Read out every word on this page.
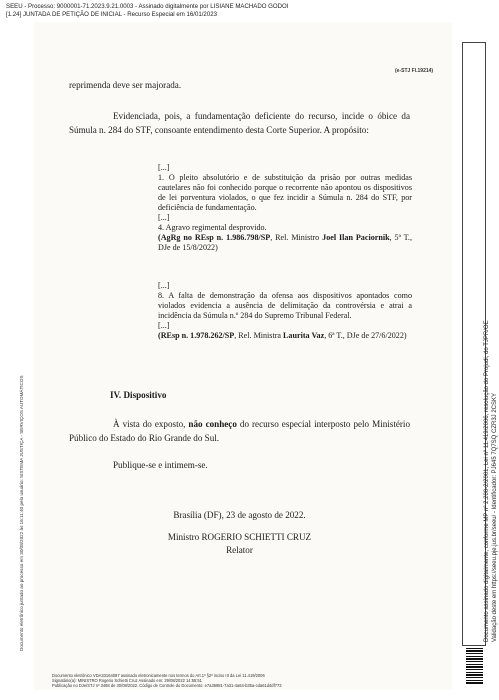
SEEU - Processo: 9000001-71.2023.9.21.0003 - Assinado digitalmente por LISIANE MACHADO GODOI
[1.24] JUNTADA DE PETIÇÃO DE INICIAL - Recurso Especial em 16/01/2023
(e-STJ Fl.19214)

reprimenda deve ser majorada.

Evidenciada, pois, a fundamentação deficiente do recurso, incide o óbice da Súmula n. 284 do STF, consoante entendimento desta Corte Superior. A propósito:

[...]
1. O pleito absolutório e de substituição da prisão por outras medidas cautelares não foi conhecido porque o recorrente não apontou os dispositivos de lei porventura violados, o que fez incidir a Súmula n. 284 do STF, por deficiência de fundamentação.
[...]
4. Agravo regimental desprovido.
(AgRg no REsp n. 1.986.798/SP, Rel. Ministro Joel Ilan Paciornik, 5ª T., DJe de 15/8/2022)
[...]
8. A falta de demonstração da ofensa aos dispositivos apontados como violados evidencia a ausência de delimitação da controvérsia e atrai a incidência da Súmula n.º 284 do Supremo Tribunal Federal.
[...]
(REsp n. 1.978.262/SP, Rel. Ministra Laurita Vaz, 6ª T., DJe de 27/6/2022)

IV. Dispositivo

À vista do exposto, não conheço do recurso especial interposto pelo Ministério Público do Estado do Rio Grande do Sul.

Publique-se e intimem-se.

Brasília (DF), 23 de agosto de 2022.

Ministro ROGERIO SCHIETTI CRUZ

Relator

Documento eletrônico VDA33164097 assinado eletronicamente nos termos do Art.1º §2º inciso III da Lei 11.419/2006
Signatário(a): MINISTRO Rogerio Schietti Cruz Assinado em: 29/08/2022 14:55:51
Publicação no DJe/STJ nº 3468 de 30/08/2022. Código de Controle do Documento: e7a36981-7a31-4a64-b35a-cda61d4df773
Documento eletrônico juntado ao processo em 30/08/2022 às 16:11:40 pelo usuário: SISTEMA JUSTIÇA - SERVIÇOS AUTOMÁTICOS	Documento assinado digitalmente, conforme MP nº 2.200-2/2001, Lei nº 11.419/2006, resolução do Projudi, do TJPR/OE Validação deste em https://seeu.pje.jus.br/seeu/ - Identificador: PJ645 7Q7SQ CZR3J 2CSKY
